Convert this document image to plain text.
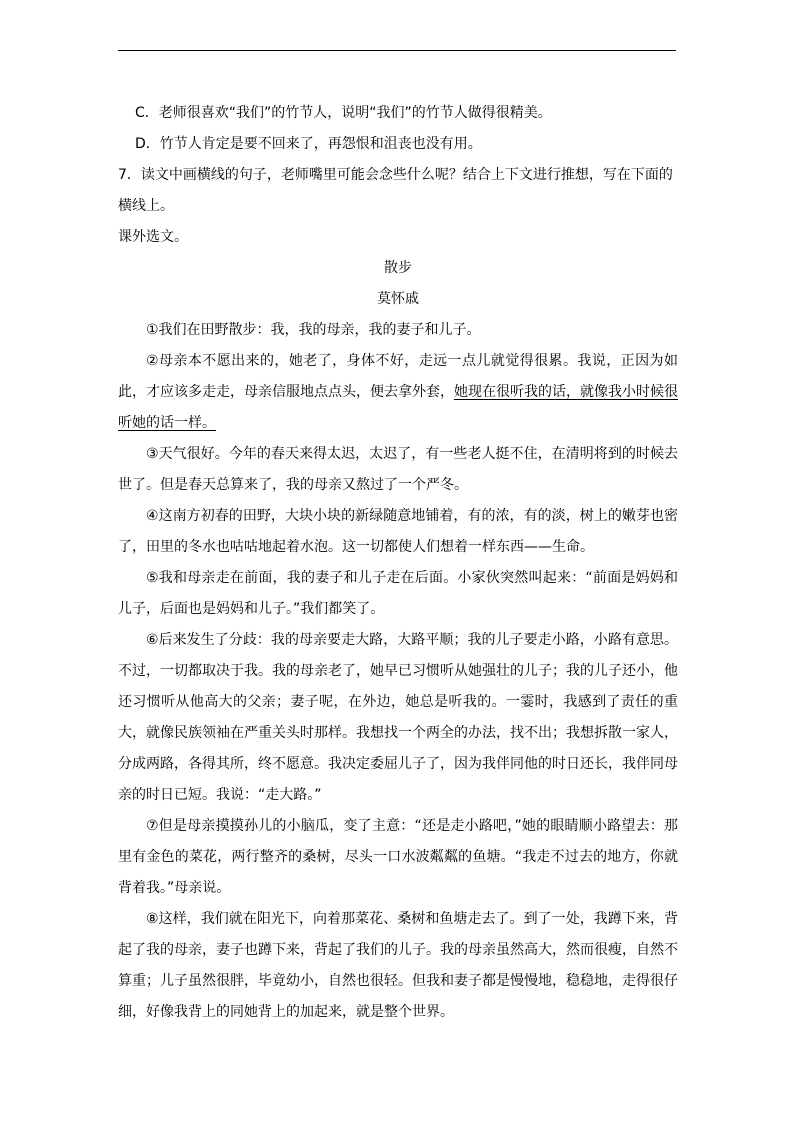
C．老师很喜欢“我们”的竹节人，说明“我们”的竹节人做得很精美。

D．竹节人肯定是要不回来了，再怨恨和沮丧也没有用。

7．读文中画横线的句子，老师嘴里可能会念些什么呢？结合上下文进行推想，写在下面的

横线上。

课外选文。

散步

莫怀戚

①我们在田野散步：我，我的母亲，我的妻子和儿子。

②母亲本不愿出来的，她老了，身体不好，走远一点儿就觉得很累。我说，正因为如此，才应该多走走，母亲信服地点点头，便去拿外套，她现在很听我的话，就像我小时候很听她的话一样。

③天气很好。今年的春天来得太迟，太迟了，有一些老人挺不住，在清明将到的时候去世了。但是春天总算来了，我的母亲又熬过了一个严冬。

④这南方初春的田野，大块小块的新绿随意地铺着，有的浓，有的淡，树上的嫩芽也密了，田里的冬水也咕咕地起着水泡。这一切都使人们想着一样东西——生命。

⑤我和母亲走在前面，我的妻子和儿子走在后面。小家伙突然叫起来：“前面是妈妈和儿子，后面也是妈妈和儿子。”我们都笑了。

⑥后来发生了分歧：我的母亲要走大路，大路平顺；我的儿子要走小路，小路有意思。不过，一切都取决于我。我的母亲老了，她早已习惯听从她强壮的儿子；我的儿子还小，他还习惯听从他高大的父亲；妻子呢，在外边，她总是听我的。一霎时，我感到了责任的重大，就像民族领袖在严重关头时那样。我想找一个两全的办法，找不出；我想拆散一家人，分成两路，各得其所，终不愿意。我决定委屈儿子了，因为我伴同他的时日还长，我伴同母亲的时日已短。我说：“走大路。”

⑦但是母亲摸摸孙儿的小脑瓜，变了主意：“还是走小路吧，”她的眼睛顺小路望去：那里有金色的菜花，两行整齐的桑树，尽头一口水波粼粼的鱼塘。“我走不过去的地方，你就背着我。”母亲说。

⑧这样，我们就在阳光下，向着那菜花、桑树和鱼塘走去了。到了一处，我蹲下来，背起了我的母亲，妻子也蹲下来，背起了我们的儿子。我的母亲虽然高大，然而很瘦，自然不算重；儿子虽然很胖，毕竟幼小，自然也很轻。但我和妻子都是慢慢地，稳稳地，走得很仔细，好像我背上的同她背上的加起来，就是整个世界。
